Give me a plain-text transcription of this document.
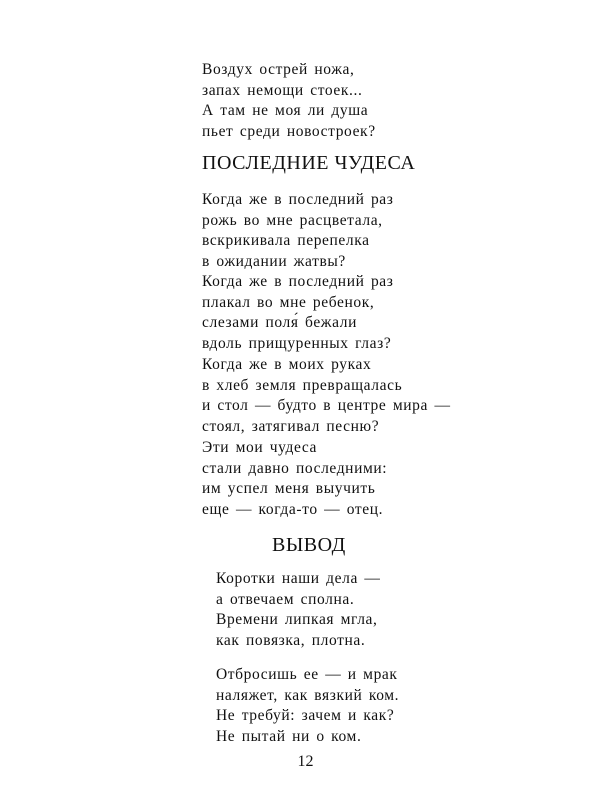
Воздух острей ножа,
запах немощи стоек...
А там не моя ли душа
пьет среди новостроек?
ПОСЛЕДНИЕ ЧУДЕСА
Когда же в последний раз
рожь во мне расцветала,
вскрикивала перепелка
в ожидании жатвы?
Когда же в последний раз
плакал во мне ребенок,
слезами поля́ бежали
вдоль прищуренных глаз?
Когда же в моих руках
в хлеб земля превращалась
и стол — будто в центре мира —
стоял, затягивал песню?
Эти мои чудеса
стали давно последними:
им успел меня выучить
еще — когда-то — отец.
ВЫВОД
Коротки наши дела —
а отвечаем сполна.
Времени липкая мгла,
как повязка, плотна.
Отбросишь ее — и мрак
наляжет, как вязкий ком.
Не требуй: зачем и как?
Не пытай ни о ком.
12
